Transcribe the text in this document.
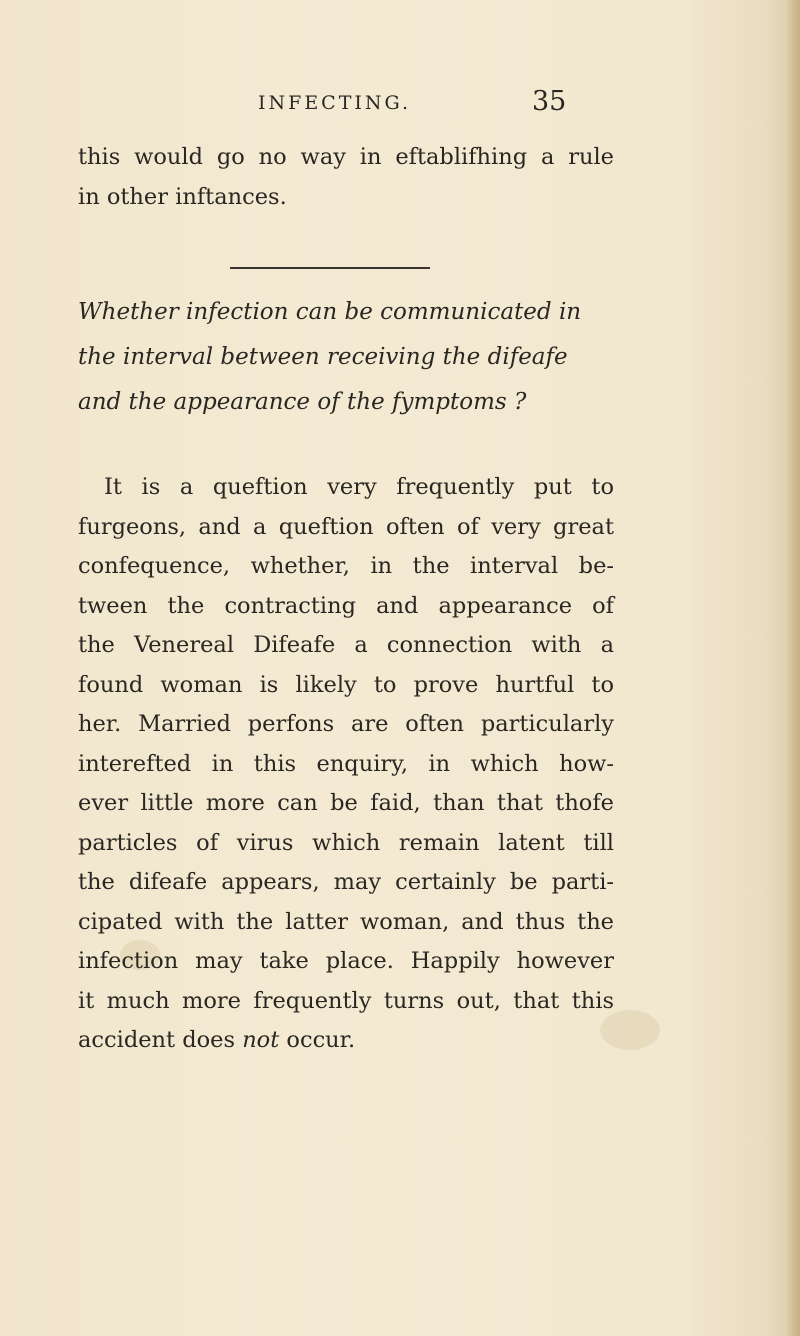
INFECTING.	35
this would go no way in eftablifhing a rule
in other inftances.
Whether infection can be communicated in
the interval between receiving the difeafe
and the appearance of the fymptoms ?
It is a queftion very frequently put to
furgeons, and a queftion often of very great
confequence, whether, in the interval be-
tween the contracting and appearance of
the Venereal Difeafe a connection with a
found woman is likely to prove hurtful to
her. Married perfons are often particularly
interefted in this enquiry, in which how-
ever little more can be faid, than that thofe
particles of virus which remain latent till
the difeafe appears, may certainly be parti-
cipated with the latter woman, and thus the
infection may take place. Happily however
it much more frequently turns out, that this
accident does not occur.
